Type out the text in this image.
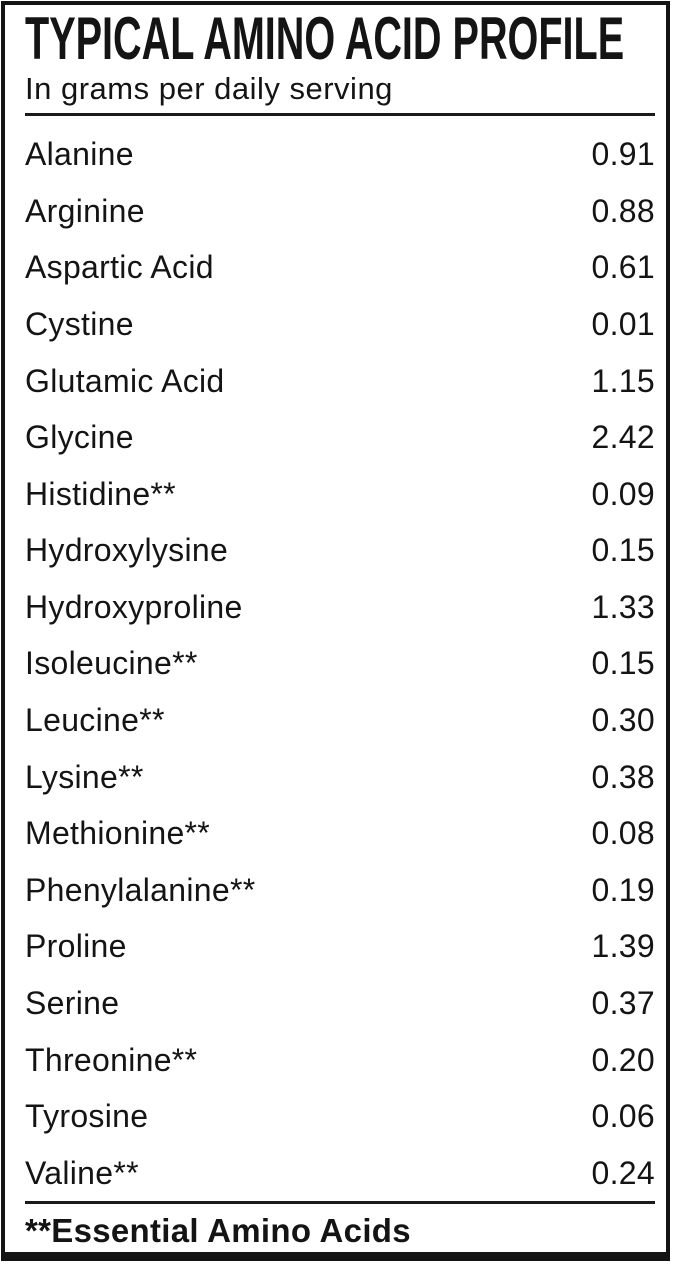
TYPICAL AMINO ACID PROFILE

In grams per daily serving

Alanine	0.91
Arginine	0.88
Aspartic Acid	0.61
Cystine	0.01
Glutamic Acid	1.15
Glycine	2.42
Histidine**	0.09
Hydroxylysine	0.15
Hydroxyproline	1.33
Isoleucine**	0.15
Leucine**	0.30
Lysine**	0.38
Methionine**	0.08
Phenylalanine**	0.19
Proline	1.39
Serine	0.37
Threonine**	0.20
Tyrosine	0.06
Valine**	0.24

**Essential Amino Acids
